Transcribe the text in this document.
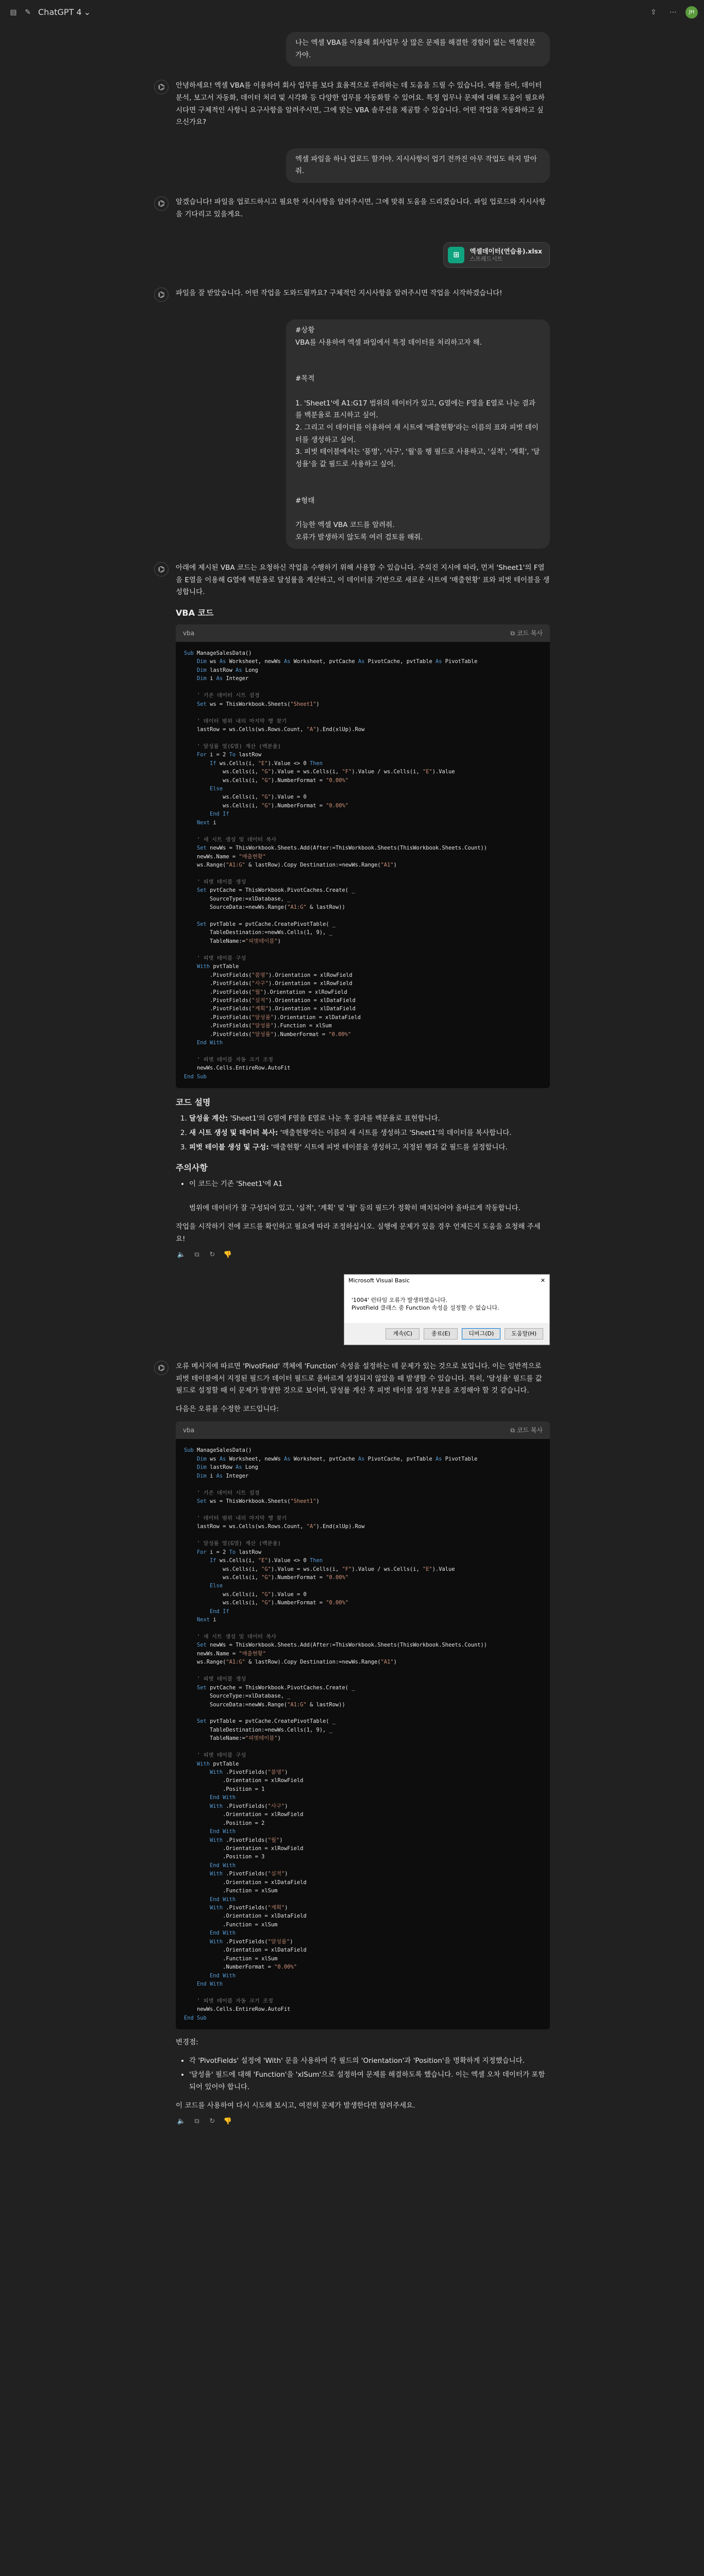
▤	✎ ChatGPT 4 ⌄	⇪	⋯	JH
나는 엑셀 VBA를 이용해 회사업무 상 많은 문제를 해결한 경험이 없는 엑셀전문가야.
⌬	안녕하세요! 엑셀 VBA를 이용하여 회사 업무를 보다 효율적으로 관리하는 데 도움을 드릴 수 있습니다. 예를 들어, 데이터 분석, 보고서 자동화, 데이터 처리 및 시각화 등 다양한 업무를 자동화할 수 있어요. 특정 업무나 문제에 대해 도움이 필요하시다면 구체적인 사항니 요구사항을 알려주시면, 그에 맞는 VBA 솔루션을 제공할 수 있습니다. 어떤 작업을 자동화하고 싶으신가요?

엑셀 파일을 하나 업로드 할거야. 지시사항이 업기 전까진 아무 작업도 하지 말아줘.
⌬	알겠습니다! 파일을 업로드하시고 필요한 지시사항을 알려주시면, 그에 맞춰 도움을 드리겠습니다. 파일 업로드와 지시사항을 기다리고 있을게요.

⊞	엑셀데이터(연습용).xlsx
스프레드시트
⌬	파일을 잘 받았습니다. 어떤 작업을 도와드릴까요? 구체적인 지시사항을 알려주시면 작업을 시작하겠습니다!

#상황
VBA를 사용하여 엑셀 파일에서 특정 데이터를 처리하고자 해.

#목적

1. 'Sheet1'에 A1:G17 범위의 데이터가 있고, G열에는 F열을 E열로 나눈 결과를 백분율로 표시하고 싶어.
2. 그리고 이 데이터를 이용하여 새 시트에 '매출현황'라는 이름의 표와 피벗 데이터를 생성하고 싶어.
3. 피벗 테이블에서는 '품명', '사구', '월'을 행 필드로 사용하고, '실적', '계획', '달성율'을 값 필드로 사용하고 싶어.

#형태

기능한 엑셀 VBA 코드를 알려줘.
오류가 발생하지 않도록 여러 검토를 해줘.
⌬	아래에 제시된 VBA 코드는 요청하신 작업을 수행하기 위해 사용할 수 있습니다. 주의진 지시에 따라, 먼저 'Sheet1'의 F열을 E열을 이용해 G열에 백분율로 달성률을 계산하고, 이 데이터를 기반으로 새로운 시트에 '매출현황' 표와 피벗 테이블을 생성합니다.

VBA 코드
vba	⧉ 코드 복사
Sub ManageSalesData()
Dim ws As Worksheet, newWs As Worksheet, pvtCache As PivotCache, pvtTable As PivotTable
Dim lastRow As Long
Dim i As Integer

' 기존 데이터 시트 설정
Set ws = ThisWorkbook.Sheets("Sheet1")

' 데이터 범위 내의 마지막 행 찾기
lastRow = ws.Cells(ws.Rows.Count, "A").End(xlUp).Row

' 달성률 열(G열) 계산 (백분율)
For i = 2 To lastRow
If ws.Cells(i, "E").Value <> 0 Then
ws.Cells(i, "G").Value = ws.Cells(i, "F").Value / ws.Cells(i, "E").Value
ws.Cells(i, "G").NumberFormat = "0.00%"
Else
ws.Cells(i, "G").Value = 0
ws.Cells(i, "G").NumberFormat = "0.00%"
End If
Next i

' 새 시트 생성 및 데이터 복사
Set newWs = ThisWorkbook.Sheets.Add(After:=ThisWorkbook.Sheets(ThisWorkbook.Sheets.Count))
newWs.Name = "매출현황"
ws.Range("A1:G" & lastRow).Copy Destination:=newWs.Range("A1")

' 피벗 테이블 생성
Set pvtCache = ThisWorkbook.PivotCaches.Create( _
SourceType:=xlDatabase, _
SourceData:=newWs.Range("A1:G" & lastRow))

Set pvtTable = pvtCache.CreatePivotTable( _
TableDestination:=newWs.Cells(1, 9), _
TableName:="피벗테이블")

' 피벗 테이블 구성
With pvtTable
.PivotFields("품명").Orientation = xlRowField
.PivotFields("사구").Orientation = xlRowField
.PivotFields("월").Orientation = xlRowField
.PivotFields("실적").Orientation = xlDataField
.PivotFields("계획").Orientation = xlDataField
.PivotFields("달성률").Orientation = xlDataField
.PivotFields("달성률").Function = xlSum
.PivotFields("달성률").NumberFormat = "0.00%"
End With

' 피벗 테이블 자동 크기 조정
newWs.Cells.EntireRow.AutoFit
End Sub
코드 설명
1. 달성율 계산: 'Sheet1'의 G열에 F열을 E열로 나눈 후 결과를 백분율로 표현합니다.
2. 새 시트 생성 및 데이터 복사: '매출현황'라는 이름의 새 시트를 생성하고 'Sheet1'의 데이터를 복사합니다.
3. 피벗 테이블 생성 및 구성: '매출현황' 시트에 피벗 테이블을 생성하고, 지정된 행과 값 필드를 설정합니다.
주의사항
• 이 코드는 기존 'Sheet1'에 A1

범위에 데이터가 잘 구성되어 있고, '실적', '계획' 및 '월' 등의 필드가 정확히 매치되어야 올바르게 작동합니다.

작업을 시작하기 전에 코드를 확인하고 필요에 따라 조정하십시오. 실행에 문제가 있을 경우 언제든지 도움을 요청해 주세요!

🔈	⧉	↻	👎
Microsoft Visual Basic	✕
'1004' 런타임 오류가 발생하였습니다.
PivotField 클래스 중 Function 속성을 설정할 수 없습니다.
계속(C)	종료(E)	디버그(D)	도움말(H)
⌬	오류 메시지에 따르면 'PivotField' 객체에 'Function' 속성을 설정하는 데 문제가 있는 것으로 보입니다. 이는 일반적으로 피벗 테이블에서 지정된 필드가 데이터 필드로 올바르게 설정되지 않았을 때 발생할 수 있습니다. 특히, '달성율' 필드를 값 필드로 설정할 때 이 문제가 발생한 것으로 보이며, 달성률 계산 후 피벗 테이블 설정 부분을 조정해야 할 것 같습니다.

다음은 오류를 수정한 코드입니다:

vba	⧉ 코드 복사
Sub ManageSalesData()
Dim ws As Worksheet, newWs As Worksheet, pvtCache As PivotCache, pvtTable As PivotTable
Dim lastRow As Long
Dim i As Integer

' 기존 데이터 시트 설정
Set ws = ThisWorkbook.Sheets("Sheet1")

' 데이터 범위 내의 마지막 행 찾기
lastRow = ws.Cells(ws.Rows.Count, "A").End(xlUp).Row

' 달성률 열(G열) 계산 (백분율)
For i = 2 To lastRow
If ws.Cells(i, "E").Value <> 0 Then
ws.Cells(i, "G").Value = ws.Cells(i, "F").Value / ws.Cells(i, "E").Value
ws.Cells(i, "G").NumberFormat = "0.00%"
Else
ws.Cells(i, "G").Value = 0
ws.Cells(i, "G").NumberFormat = "0.00%"
End If
Next i

' 새 시트 생성 및 데이터 복사
Set newWs = ThisWorkbook.Sheets.Add(After:=ThisWorkbook.Sheets(ThisWorkbook.Sheets.Count))
newWs.Name = "매출현황"
ws.Range("A1:G" & lastRow).Copy Destination:=newWs.Range("A1")

' 피벗 테이블 생성
Set pvtCache = ThisWorkbook.PivotCaches.Create( _
SourceType:=xlDatabase, _
SourceData:=newWs.Range("A1:G" & lastRow))

Set pvtTable = pvtCache.CreatePivotTable( _
TableDestination:=newWs.Cells(1, 9), _
TableName:="피벗테이블")

' 피벗 테이블 구성
With pvtTable
With .PivotFields("품명")
.Orientation = xlRowField
.Position = 1
End With
With .PivotFields("사구")
.Orientation = xlRowField
.Position = 2
End With
With .PivotFields("월")
.Orientation = xlRowField
.Position = 3
End With
With .PivotFields("실적")
.Orientation = xlDataField
.Function = xlSum
End With
With .PivotFields("계획")
.Orientation = xlDataField
.Function = xlSum
End With
With .PivotFields("달성률")
.Orientation = xlDataField
.Function = xlSum
.NumberFormat = "0.00%"
End With
End With

' 피벗 테이블 자동 크기 조정
newWs.Cells.EntireRow.AutoFit
End Sub

변경점:

• 각 'PivotFields' 설정에 'With' 문을 사용하여 각 필드의 'Orientation'과 'Position'을 명확하게 지정했습니다.
• '달성율' 필드에 대해 'Function'을 'xlSum'으로 설정하여 문제를 해결하도록 했습니다. 이는 엑셀 오차 데이터가 포함되어 있어야 합니다.

이 코드를 사용하여 다시 시도해 보시고, 여전히 문제가 발생한다면 알려주세요.

🔈	⧉	↻	👎
